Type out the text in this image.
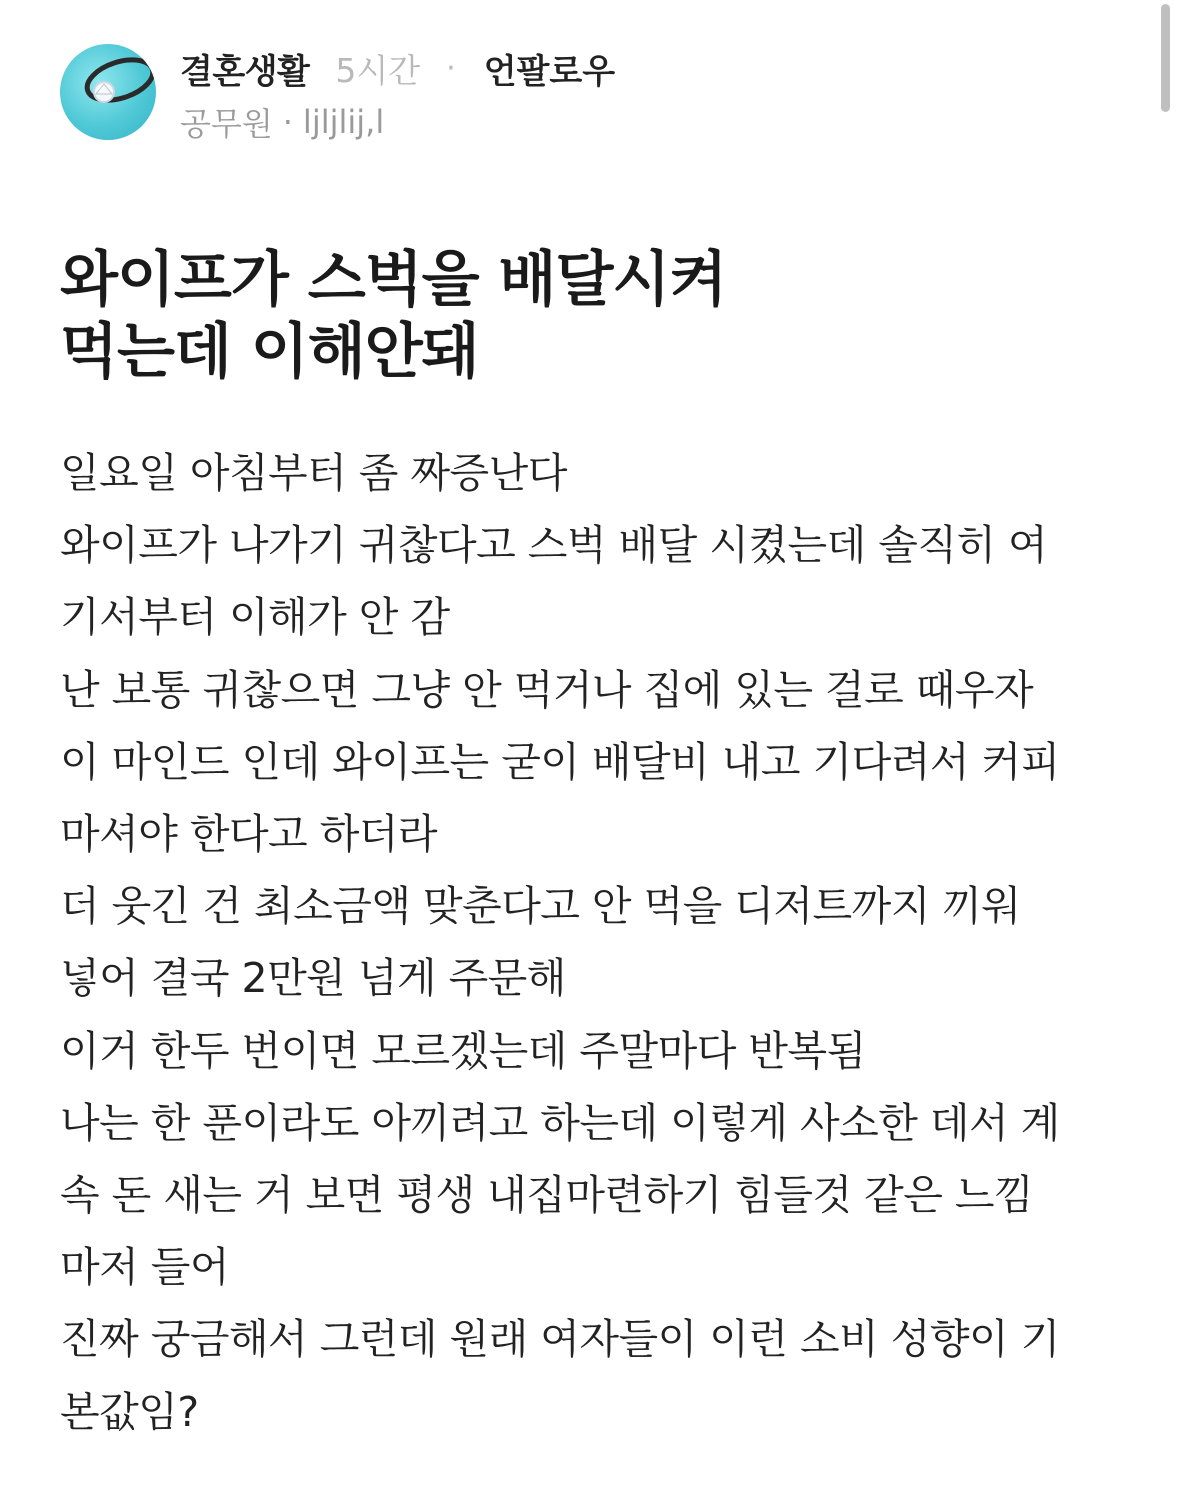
결혼생활 5시간 · 언팔로우
공무원 · ljljlij,l
와이프가 스벅을 배달시켜
먹는데 이해안돼
일요일 아침부터 좀 짜증난다
와이프가 나가기 귀찮다고 스벅 배달 시켰는데 솔직히 여
기서부터 이해가 안 감
난 보통 귀찮으면 그냥 안 먹거나 집에 있는 걸로 때우자
이 마인드 인데 와이프는 굳이 배달비 내고 기다려서 커피
마셔야 한다고 하더라
더 웃긴 건 최소금액 맞춘다고 안 먹을 디저트까지 끼워
넣어 결국 2만원 넘게 주문해
이거 한두 번이면 모르겠는데 주말마다 반복됨
나는 한 푼이라도 아끼려고 하는데 이렇게 사소한 데서 계
속 돈 새는 거 보면 평생 내집마련하기 힘들것 같은 느낌
마저 들어
진짜 궁금해서 그런데 원래 여자들이 이런 소비 성향이 기
본값임?
